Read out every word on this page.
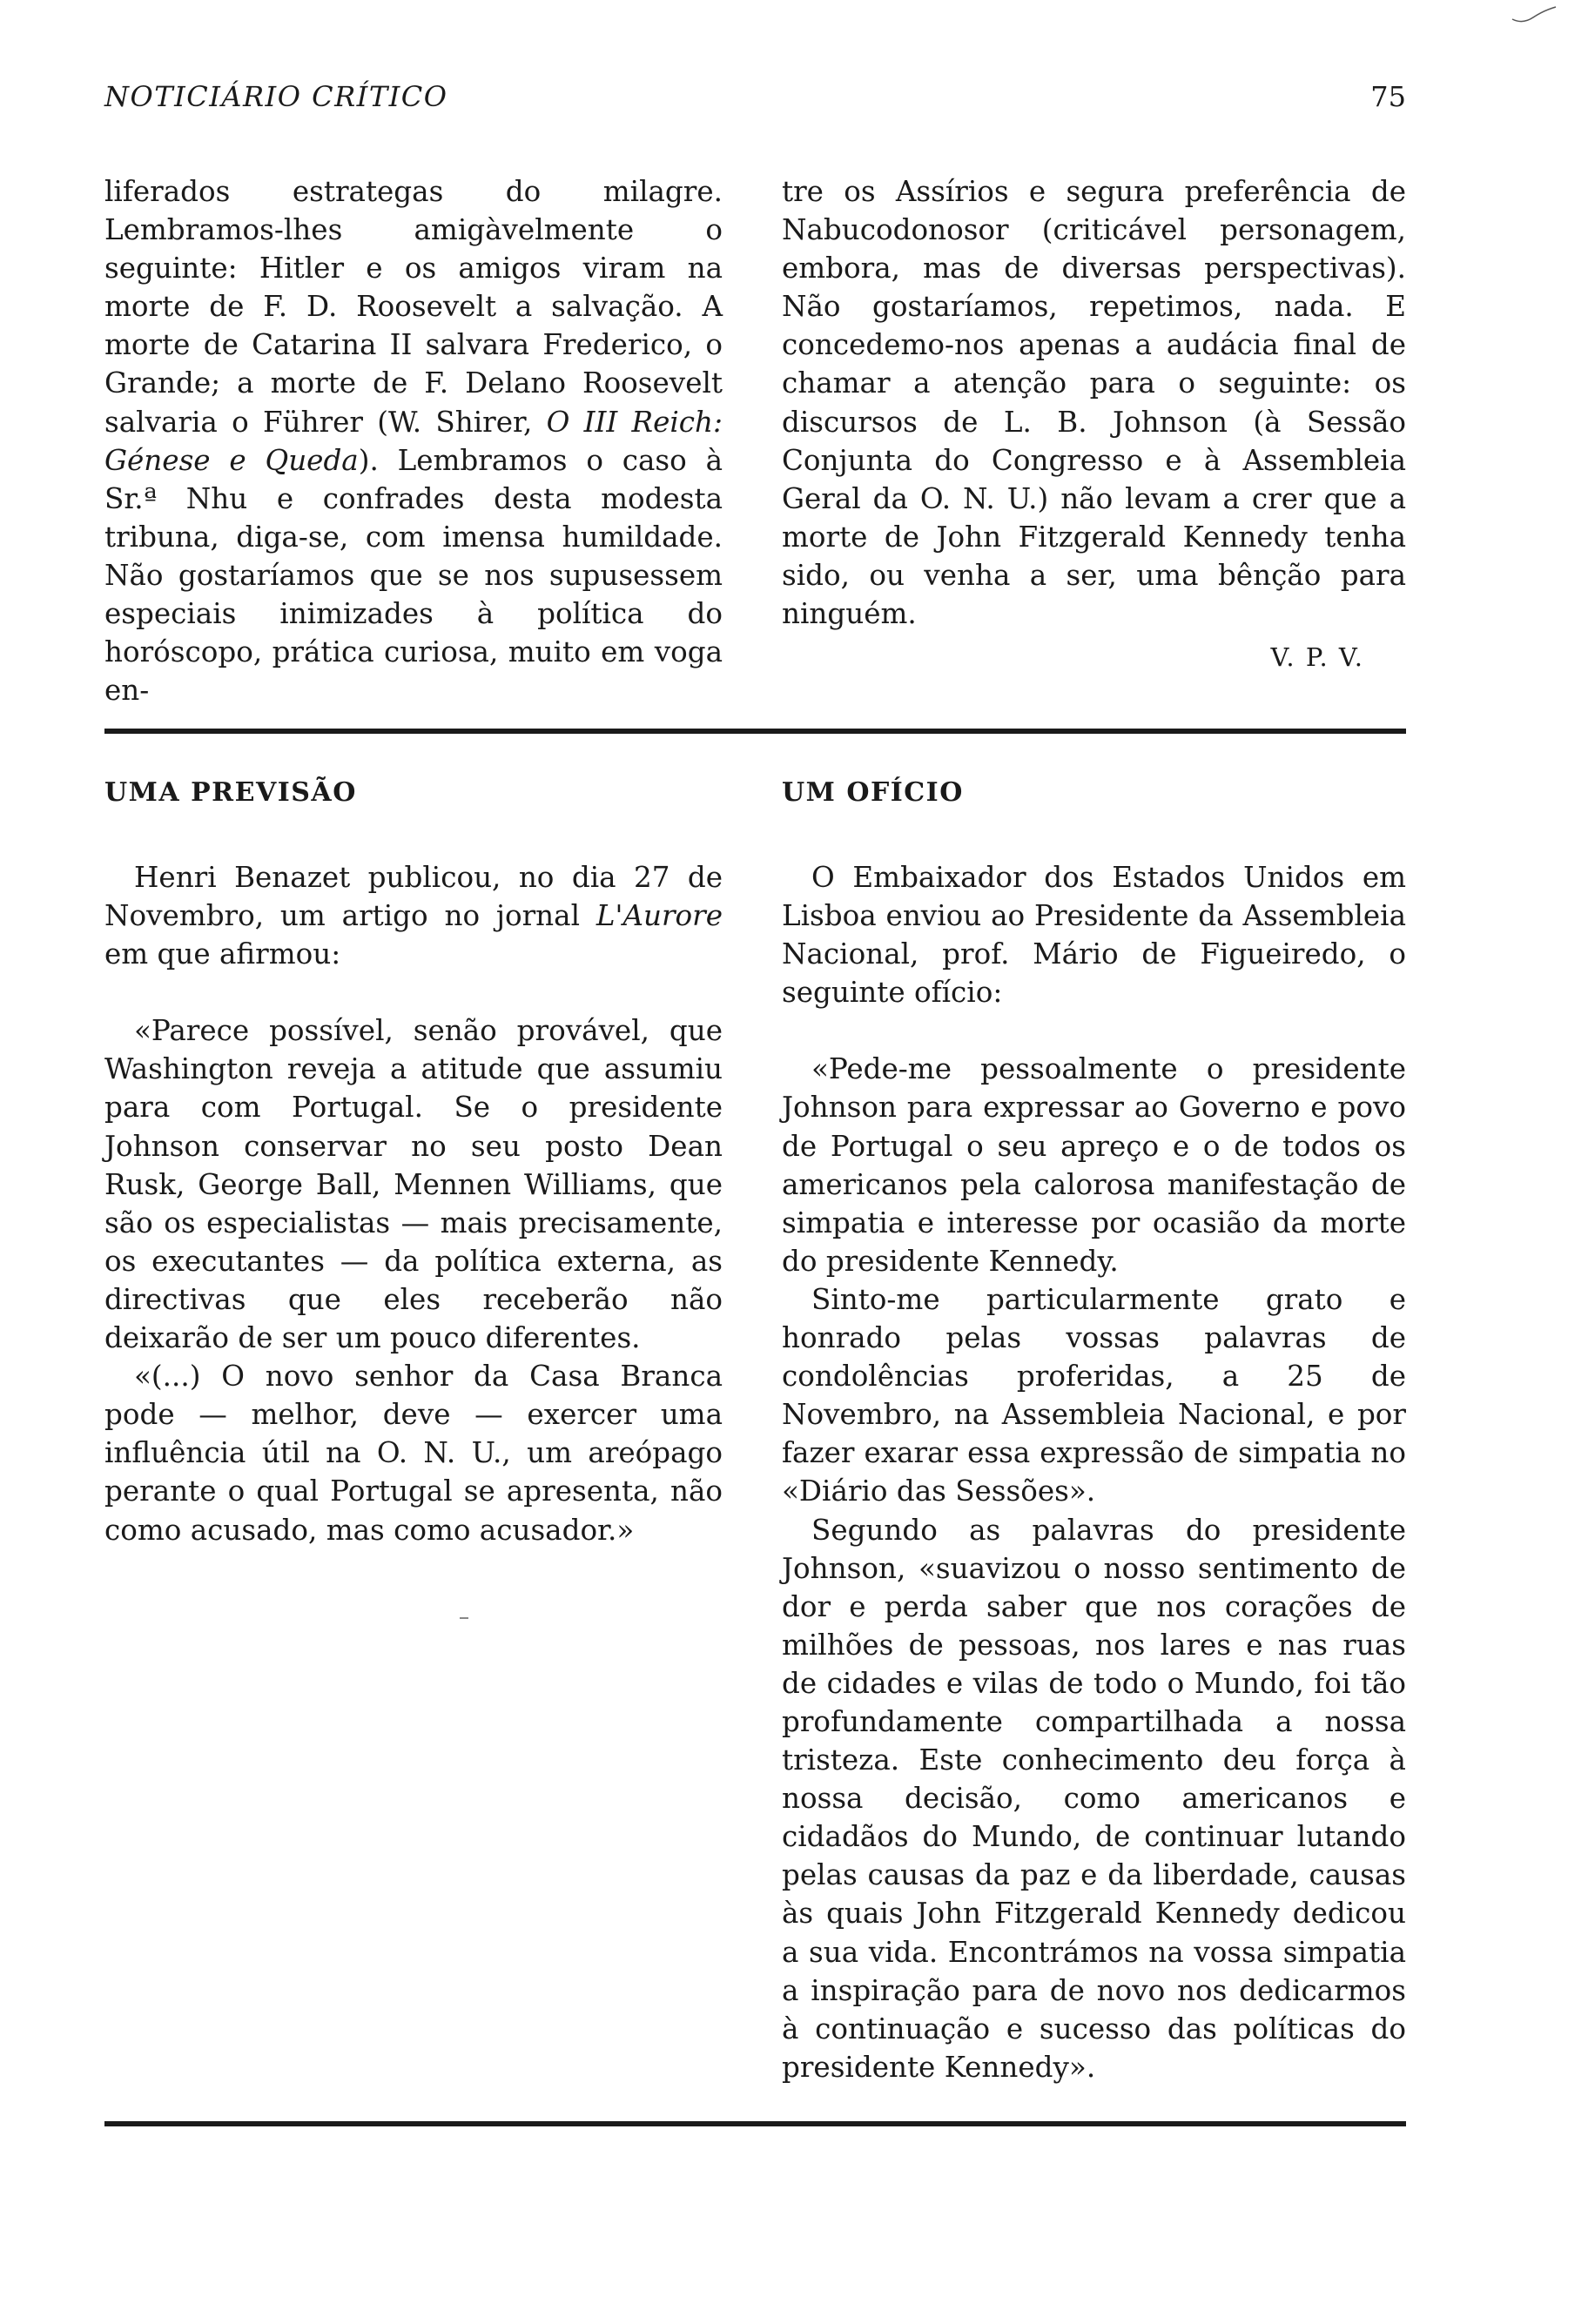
NOTICIÁRIO CRÍTICO	75

liferados estrategas do milagre. Lembramos-lhes amigàvelmente o seguinte: Hitler e os amigos viram na morte de F. D. Roosevelt a salvação. A morte de Catarina II salvara Frederico, o Grande; a morte de F. Delano Roosevelt salvaria o Führer (W. Shirer, O III Reich: Génese e Queda). Lembramos o caso à Sr.ª Nhu e confrades desta modesta tribuna, diga-se, com imensa humildade. Não gostaríamos que se nos supusessem especiais inimizades à política do horóscopo, prática curiosa, muito em voga en-

tre os Assírios e segura preferência de Nabucodonosor (criticável personagem, embora, mas de diversas perspectivas). Não gostaríamos, repetimos, nada. E concedemo-nos apenas a audácia final de chamar a atenção para o seguinte: os discursos de L. B. Johnson (à Sessão Conjunta do Congresso e à Assembleia Geral da O. N. U.) não levam a crer que a morte de John Fitzgerald Kennedy tenha sido, ou venha a ser, uma bênção para ninguém.

V. P. V.

UMA PREVISÃO	UM OFÍCIO

Henri Benazet publicou, no dia 27 de Novembro, um artigo no jornal L'Aurore em que afirmou:

«Parece possível, senão provável, que Washington reveja a atitude que assumiu para com Portugal. Se o presidente Johnson conservar no seu posto Dean Rusk, George Ball, Mennen Williams, que são os especialistas — mais precisamente, os executantes — da política externa, as directivas que eles receberão não deixarão de ser um pouco diferentes.

«(...) O novo senhor da Casa Branca pode — melhor, deve — exercer uma influência útil na O. N. U., um areópago perante o qual Portugal se apresenta, não como acusado, mas como acusador.»

O Embaixador dos Estados Unidos em Lisboa enviou ao Presidente da Assembleia Nacional, prof. Mário de Figueiredo, o seguinte ofício:

«Pede-me pessoalmente o presidente Johnson para expressar ao Governo e povo de Portugal o seu apreço e o de todos os americanos pela calorosa manifestação de simpatia e interesse por ocasião da morte do presidente Kennedy.

Sinto-me particularmente grato e honrado pelas vossas palavras de condolências proferidas, a 25 de Novembro, na Assembleia Nacional, e por fazer exarar essa expressão de simpatia no «Diário das Sessões».

Segundo as palavras do presidente Johnson, «suavizou o nosso sentimento de dor e perda saber que nos corações de milhões de pessoas, nos lares e nas ruas de cidades e vilas de todo o Mundo, foi tão profundamente compartilhada a nossa tristeza. Este conhecimento deu força à nossa decisão, como americanos e cidadãos do Mundo, de continuar lutando pelas causas da paz e da liberdade, causas às quais John Fitzgerald Kennedy dedicou a sua vida. Encontrámos na vossa simpatia a inspiração para de novo nos dedicarmos à continuação e sucesso das políticas do presidente Kennedy».
